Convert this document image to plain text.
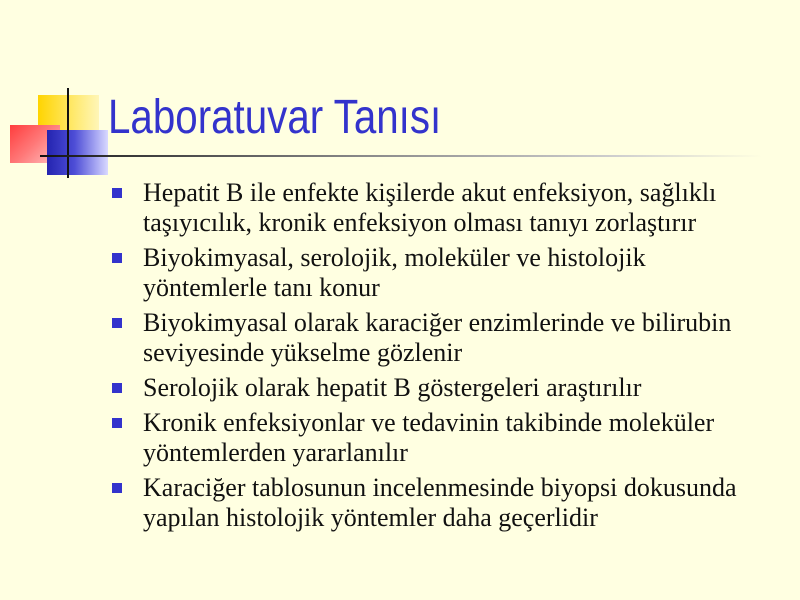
Laboratuvar Tanısı
Hepatit B ile enfekte kişilerde akut enfeksiyon, sağlıklı
taşıyıcılık, kronik enfeksiyon olması tanıyı zorlaştırır
Biyokimyasal, serolojik, moleküler ve histolojik
yöntemlerle tanı konur
Biyokimyasal olarak karaciğer enzimlerinde ve bilirubin
seviyesinde yükselme gözlenir
Serolojik olarak hepatit B göstergeleri araştırılır
Kronik enfeksiyonlar ve tedavinin takibinde moleküler
yöntemlerden yararlanılır
Karaciğer tablosunun incelenmesinde biyopsi dokusunda
yapılan histolojik yöntemler daha geçerlidir
